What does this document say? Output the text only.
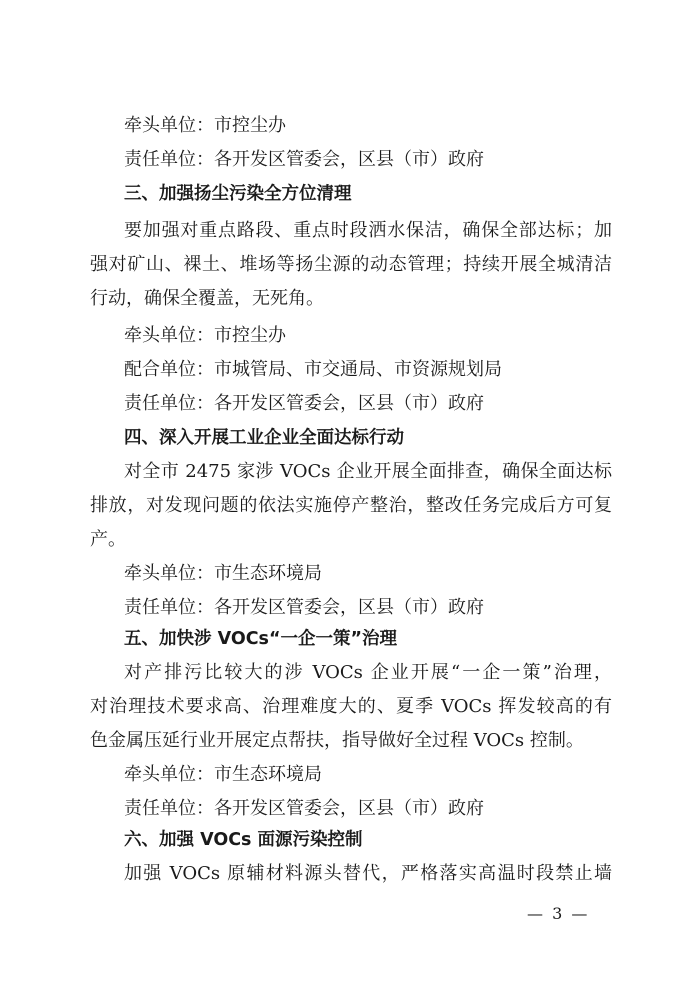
牵头单位：市控尘办
责任单位：各开发区管委会，区县（市）政府
三、加强扬尘污染全方位清理
要加强对重点路段、重点时段洒水保洁，确保全部达标；加
强对矿山、裸土、堆场等扬尘源的动态管理；持续开展全城清洁
行动，确保全覆盖，无死角。
牵头单位：市控尘办
配合单位：市城管局、市交通局、市资源规划局
责任单位：各开发区管委会，区县（市）政府
四、深入开展工业企业全面达标行动
对全市 2475 家涉 VOCs 企业开展全面排查，确保全面达标
排放，对发现问题的依法实施停产整治，整改任务完成后方可复
产。
牵头单位：市生态环境局
责任单位：各开发区管委会，区县（市）政府
五、加快涉 VOCs“一企一策”治理
对产排污比较大的涉 VOCs 企业开展“一企一策”治理，
对治理技术要求高、治理难度大的、夏季 VOCs 挥发较高的有
色金属压延行业开展定点帮扶，指导做好全过程 VOCs 控制。
牵头单位：市生态环境局
责任单位：各开发区管委会，区县（市）政府
六、加强 VOCs 面源污染控制
加强 VOCs 原辅材料源头替代，严格落实高温时段禁止墙
— 3 —
